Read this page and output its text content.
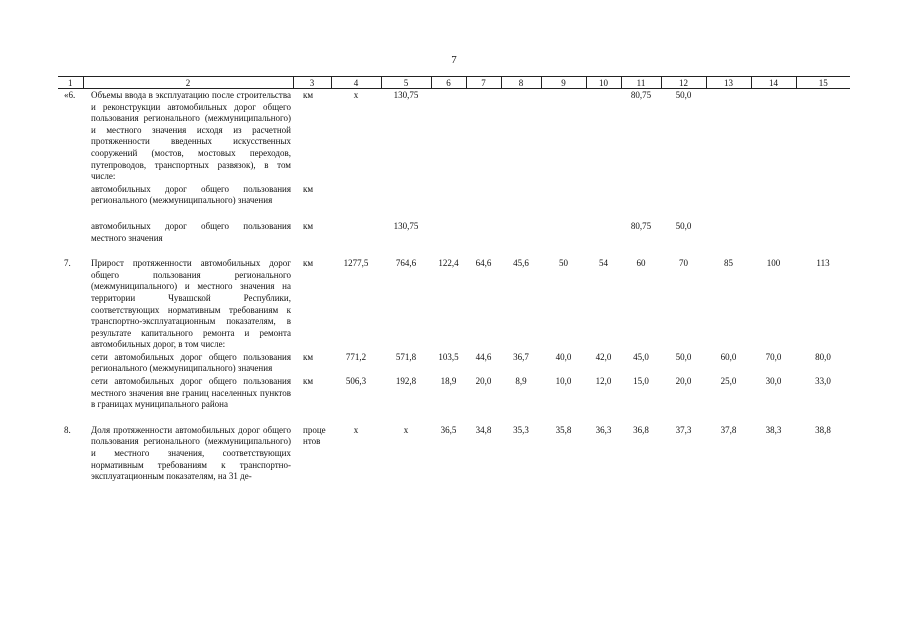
7
1	2	3	4	5	6	7	8	9	10	11	12	13	14	15
«6.	Объемы ввода в эксплуатацию после строительства и реконструкции автомобильных дорог общего пользования регионального (межмуниципального) и местного значения исходя из расчетной протяженности введенных искусственных сооружений (мостов, мостовых переходов, путепроводов, транспортных развязок), в том числе:	км	х	130,75						80,75	50,0			
	автомобильных дорог общего пользования регионального (межмуниципального) значения	км												

	автомобильных дорог общего пользования местного значения	км		130,75						80,75	50,0			

7.	Прирост протяженности автомобильных дорог общего пользования регионального (межмуниципального) и местного значения на территории Чувашской Республики, соответствующих нормативным требованиям к транспортно-эксплуатационным показателям, в результате капитального ремонта и ремонта автомобильных дорог, в том числе:	км	1277,5	764,6	122,4	64,6	45,6	50	54	60	70	85	100	113
	сети автомобильных дорог общего пользования регионального (межмуниципального) значения	км	771,2	571,8	103,5	44,6	36,7	40,0	42,0	45,0	50,0	60,0	70,0	80,0
	сети автомобильных дорог общего пользования местного значения вне границ населенных пунктов в границах муниципального района	км	506,3	192,8	18,9	20,0	8,9	10,0	12,0	15,0	20,0	25,0	30,0	33,0

8.	Доля протяженности автомобильных дорог общего пользования регионального (межмуниципального) и местного значения, соответствующих нормативным требованиям к транспортно-эксплуатационным показателям, на 31 де-	процентов	х	х	36,5	34,8	35,3	35,8	36,3	36,8	37,3	37,8	38,3	38,8
